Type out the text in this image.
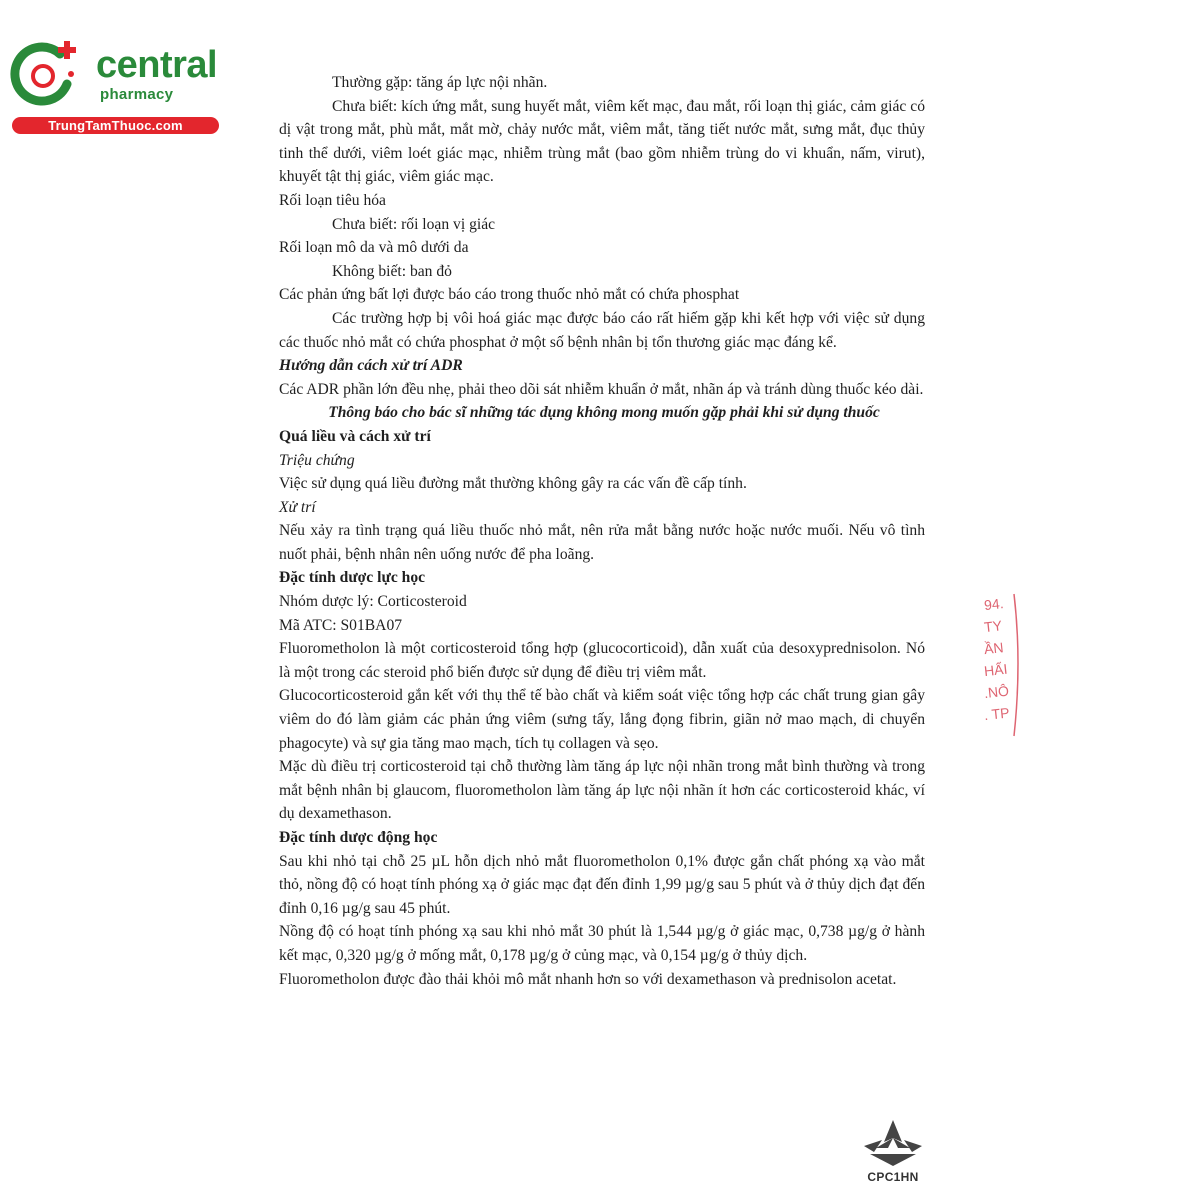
central
pharmacy
TrungTamThuoc.com

Thường gặp: tăng áp lực nội nhãn.

Chưa biết: kích ứng mắt, sung huyết mắt, viêm kết mạc, đau mắt, rối loạn thị giác, cảm giác có dị vật trong mắt, phù mắt, mắt mờ, chảy nước mắt, viêm mắt, tăng tiết nước mắt, sưng mắt, đục thủy tinh thể dưới, viêm loét giác mạc, nhiễm trùng mắt (bao gồm nhiễm trùng do vi khuẩn, nấm, virut), khuyết tật thị giác, viêm giác mạc.

Rối loạn tiêu hóa

Chưa biết: rối loạn vị giác

Rối loạn mô da và mô dưới da

Không biết: ban đỏ

Các phản ứng bất lợi được báo cáo trong thuốc nhỏ mắt có chứa phosphat

Các trường hợp bị vôi hoá giác mạc được báo cáo rất hiếm gặp khi kết hợp với việc sử dụng các thuốc nhỏ mắt có chứa phosphat ở một số bệnh nhân bị tổn thương giác mạc đáng kể.

Hướng dẫn cách xử trí ADR

Các ADR phần lớn đều nhẹ, phải theo dõi sát nhiễm khuẩn ở mắt, nhãn áp và tránh dùng thuốc kéo dài.

Thông báo cho bác sĩ những tác dụng không mong muốn gặp phải khi sử dụng thuốc

Quá liều và cách xử trí

Triệu chứng

Việc sử dụng quá liều đường mắt thường không gây ra các vấn đề cấp tính.

Xử trí

Nếu xảy ra tình trạng quá liều thuốc nhỏ mắt, nên rửa mắt bằng nước hoặc nước muối. Nếu vô tình nuốt phải, bệnh nhân nên uống nước để pha loãng.

Đặc tính dược lực học

Nhóm dược lý: Corticosteroid

Mã ATC: S01BA07

Fluorometholon là một corticosteroid tổng hợp (glucocorticoid), dẫn xuất của desoxyprednisolon. Nó là một trong các steroid phổ biến được sử dụng để điều trị viêm mắt.

Glucocorticosteroid gắn kết với thụ thể tế bào chất và kiểm soát việc tổng hợp các chất trung gian gây viêm do đó làm giảm các phản ứng viêm (sưng tấy, lắng đọng fibrin, giãn nở mao mạch, di chuyển phagocyte) và sự gia tăng mao mạch, tích tụ collagen và sẹo.

Mặc dù điều trị corticosteroid tại chỗ thường làm tăng áp lực nội nhãn trong mắt bình thường và trong mắt bệnh nhân bị glaucom, fluorometholon làm tăng áp lực nội nhãn ít hơn các corticosteroid khác, ví dụ dexamethason.

Đặc tính dược động học

Sau khi nhỏ tại chỗ 25 µL hỗn dịch nhỏ mắt fluorometholon 0,1% được gắn chất phóng xạ vào mắt thỏ, nồng độ có hoạt tính phóng xạ ở giác mạc đạt đến đỉnh 1,99 µg/g sau 5 phút và ở thủy dịch đạt đến đỉnh 0,16 µg/g sau 45 phút.

Nồng độ có hoạt tính phóng xạ sau khi nhỏ mắt 30 phút là 1,544 µg/g ở giác mạc, 0,738 µg/g ở hành kết mạc, 0,320 µg/g ở mống mắt, 0,178 µg/g ở củng mạc, và 0,154 µg/g ở thủy dịch.

Fluorometholon được đào thải khỏi mô mắt nhanh hơn so với dexamethason và prednisolon acetat.

94.
TY
ẦN
HẨI
.NÔ
. TP
CPC1HN
